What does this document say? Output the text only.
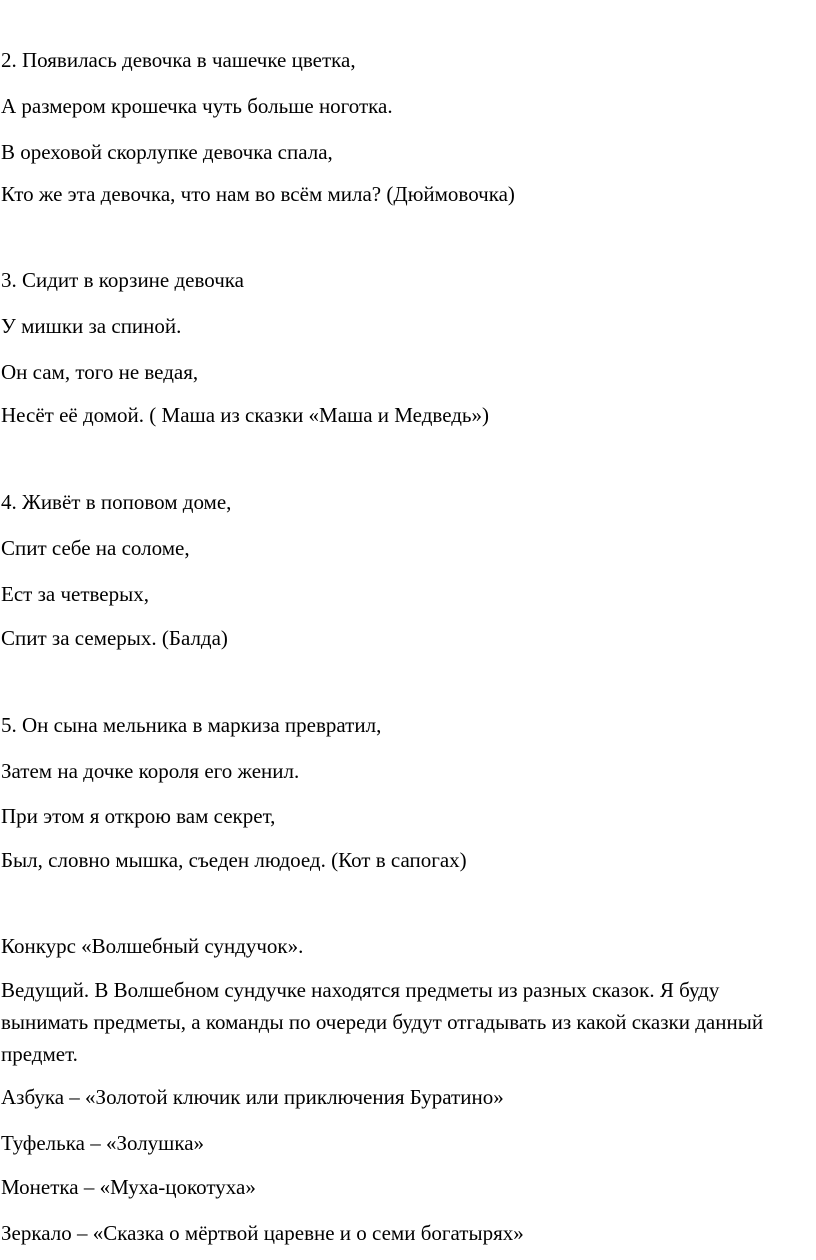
2. Появилась девочка в чашечке цветка,
А размером крошечка чуть больше ноготка.
В ореховой скорлупке девочка спала,
Кто же эта девочка, что нам во всём мила? (Дюймовочка)
3. Сидит в корзине девочка
У мишки за спиной.
Он сам, того не ведая,
Несёт её домой. ( Маша из сказки «Маша и Медведь»)
4. Живёт в поповом доме,
Спит себе на соломе,
Ест за четверых,
Спит за семерых. (Балда)
5. Он сына мельника в маркиза превратил,
Затем на дочке короля его женил.
При этом я открою вам секрет,
Был, словно мышка, съеден людоед. (Кот в сапогах)
Конкурс «Волшебный сундучок».
Ведущий. В Волшебном сундучке находятся предметы из разных сказок. Я буду вынимать предметы, а команды по очереди будут отгадывать из какой сказки данный предмет.
Азбука – «Золотой ключик или приключения Буратино»
Туфелька – «Золушка»
Монетка – «Муха-цокотуха»
Зеркало – «Сказка о мёртвой царевне и о семи богатырях»
